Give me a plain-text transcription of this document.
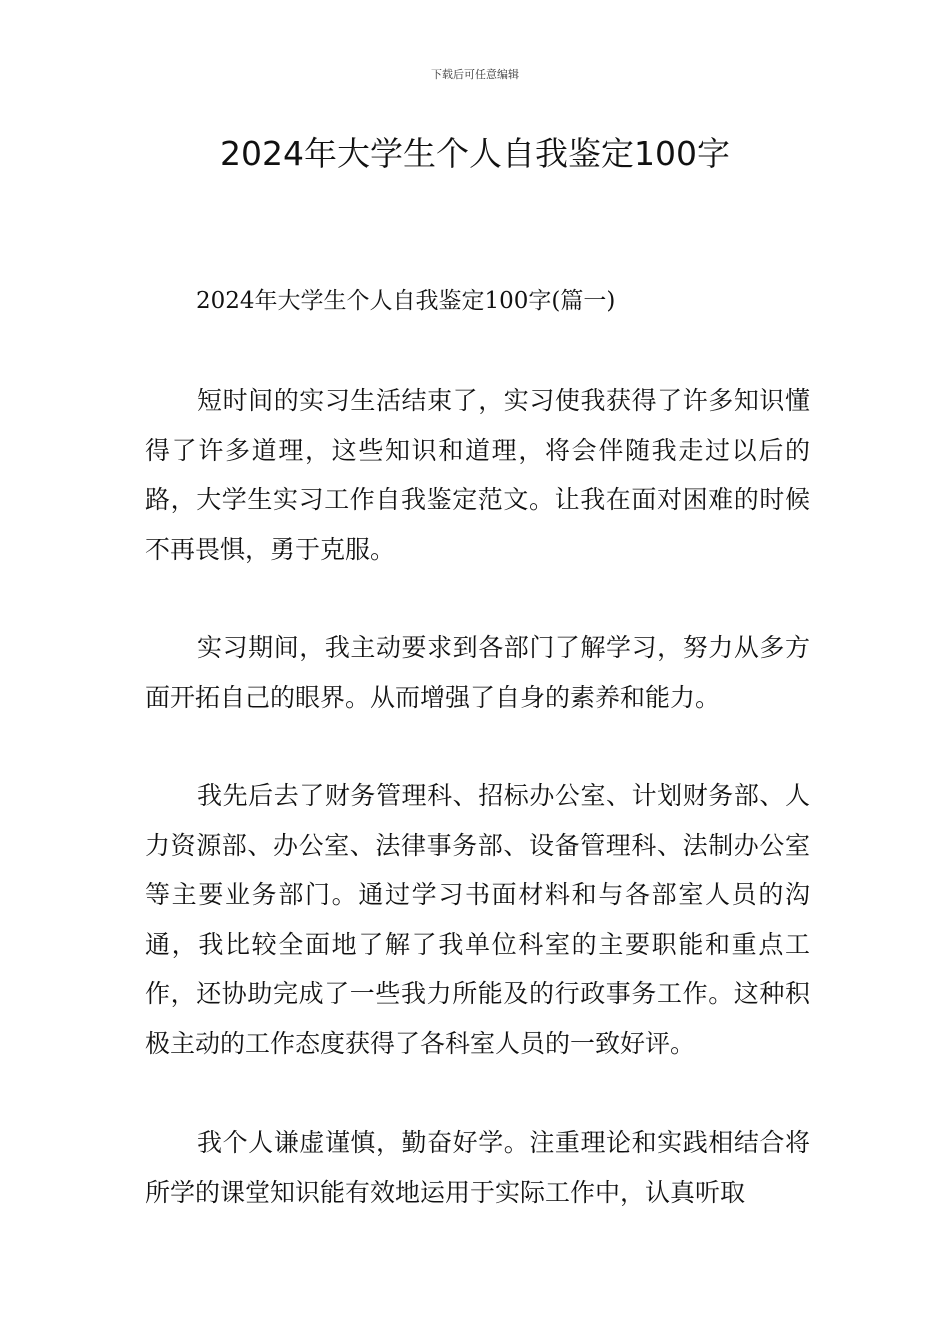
下载后可任意编辑
2024年大学生个人自我鉴定100字
2024年大学生个人自我鉴定100字(篇一)

短时间的实习生活结束了，实习使我获得了许多知识懂得了许多道理，这些知识和道理，将会伴随我走过以后的路，大学生实习工作自我鉴定范文。让我在面对困难的时候不再畏惧，勇于克服。

实习期间，我主动要求到各部门了解学习，努力从多方面开拓自己的眼界。从而增强了自身的素养和能力。

我先后去了财务管理科、招标办公室、计划财务部、人力资源部、办公室、法律事务部、设备管理科、法制办公室等主要业务部门。通过学习书面材料和与各部室人员的沟通，我比较全面地了解了我单位科室的主要职能和重点工作，还协助完成了一些我力所能及的行政事务工作。这种积极主动的工作态度获得了各科室人员的一致好评。

我个人谦虚谨慎，勤奋好学。注重理论和实践相结合将所学的课堂知识能有效地运用于实际工作中，认真听取
